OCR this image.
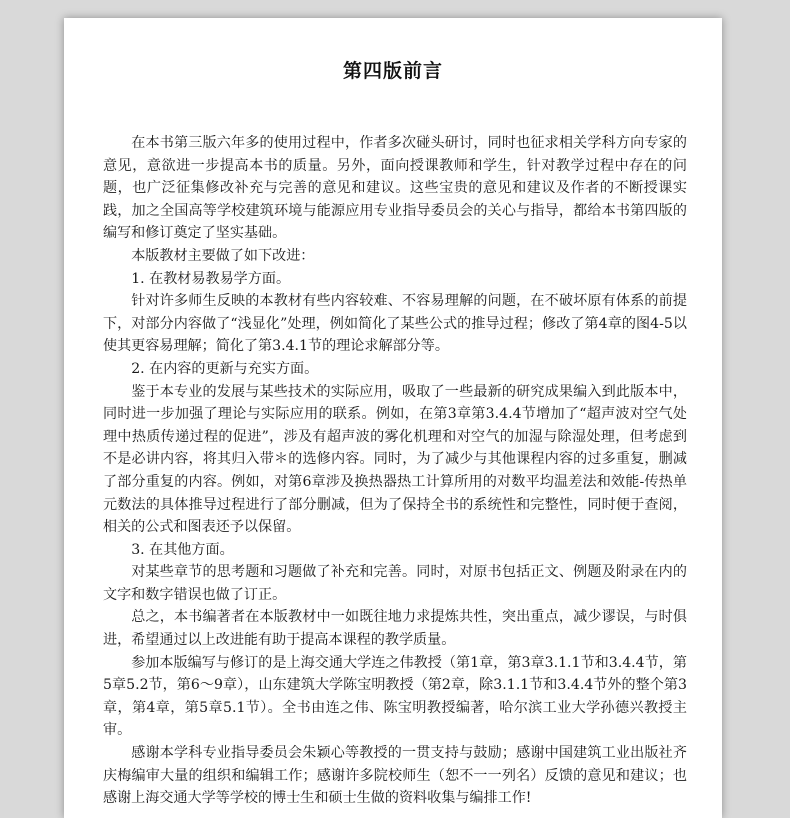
第四版前言

在本书第三版六年多的使用过程中，作者多次碰头研讨，同时也征求相关学科方向专家的意见，意欲进一步提高本书的质量。另外，面向授课教师和学生，针对教学过程中存在的问题，也广泛征集修改补充与完善的意见和建议。这些宝贵的意见和建议及作者的不断授课实践，加之全国高等学校建筑环境与能源应用专业指导委员会的关心与指导，都给本书第四版的编写和修订奠定了坚实基础。

本版教材主要做了如下改进：

1. 在教材易教易学方面。

针对许多师生反映的本教材有些内容较难、不容易理解的问题，在不破坏原有体系的前提下，对部分内容做了“浅显化”处理，例如简化了某些公式的推导过程；修改了第4章的图4-5以使其更容易理解；简化了第3.4.1节的理论求解部分等。

2. 在内容的更新与充实方面。

鉴于本专业的发展与某些技术的实际应用，吸取了一些最新的研究成果编入到此版本中，同时进一步加强了理论与实际应用的联系。例如，在第3章第3.4.4节增加了“超声波对空气处理中热质传递过程的促进”，涉及有超声波的雾化机理和对空气的加湿与除湿处理，但考虑到不是必讲内容，将其归入带＊的选修内容。同时，为了减少与其他课程内容的过多重复，删减了部分重复的内容。例如，对第6章涉及换热器热工计算所用的对数平均温差法和效能-传热单元数法的具体推导过程进行了部分删减，但为了保持全书的系统性和完整性，同时便于查阅，相关的公式和图表还予以保留。

3. 在其他方面。

对某些章节的思考题和习题做了补充和完善。同时，对原书包括正文、例题及附录在内的文字和数字错误也做了订正。

总之，本书编著者在本版教材中一如既往地力求提炼共性，突出重点，减少谬误，与时俱进，希望通过以上改进能有助于提高本课程的教学质量。

参加本版编写与修订的是上海交通大学连之伟教授（第1章，第3章3.1.1节和3.4.4节，第5章5.2节，第6～9章），山东建筑大学陈宝明教授（第2章，除3.1.1节和3.4.4节外的整个第3章，第4章，第5章5.1节）。全书由连之伟、陈宝明教授编著，哈尔滨工业大学孙德兴教授主审。

感谢本学科专业指导委员会朱颖心等教授的一贯支持与鼓励；感谢中国建筑工业出版社齐庆梅编审大量的组织和编辑工作；感谢许多院校师生（恕不一一列名）反馈的意见和建议；也感谢上海交通大学等学校的博士生和硕士生做的资料收集与编排工作!
